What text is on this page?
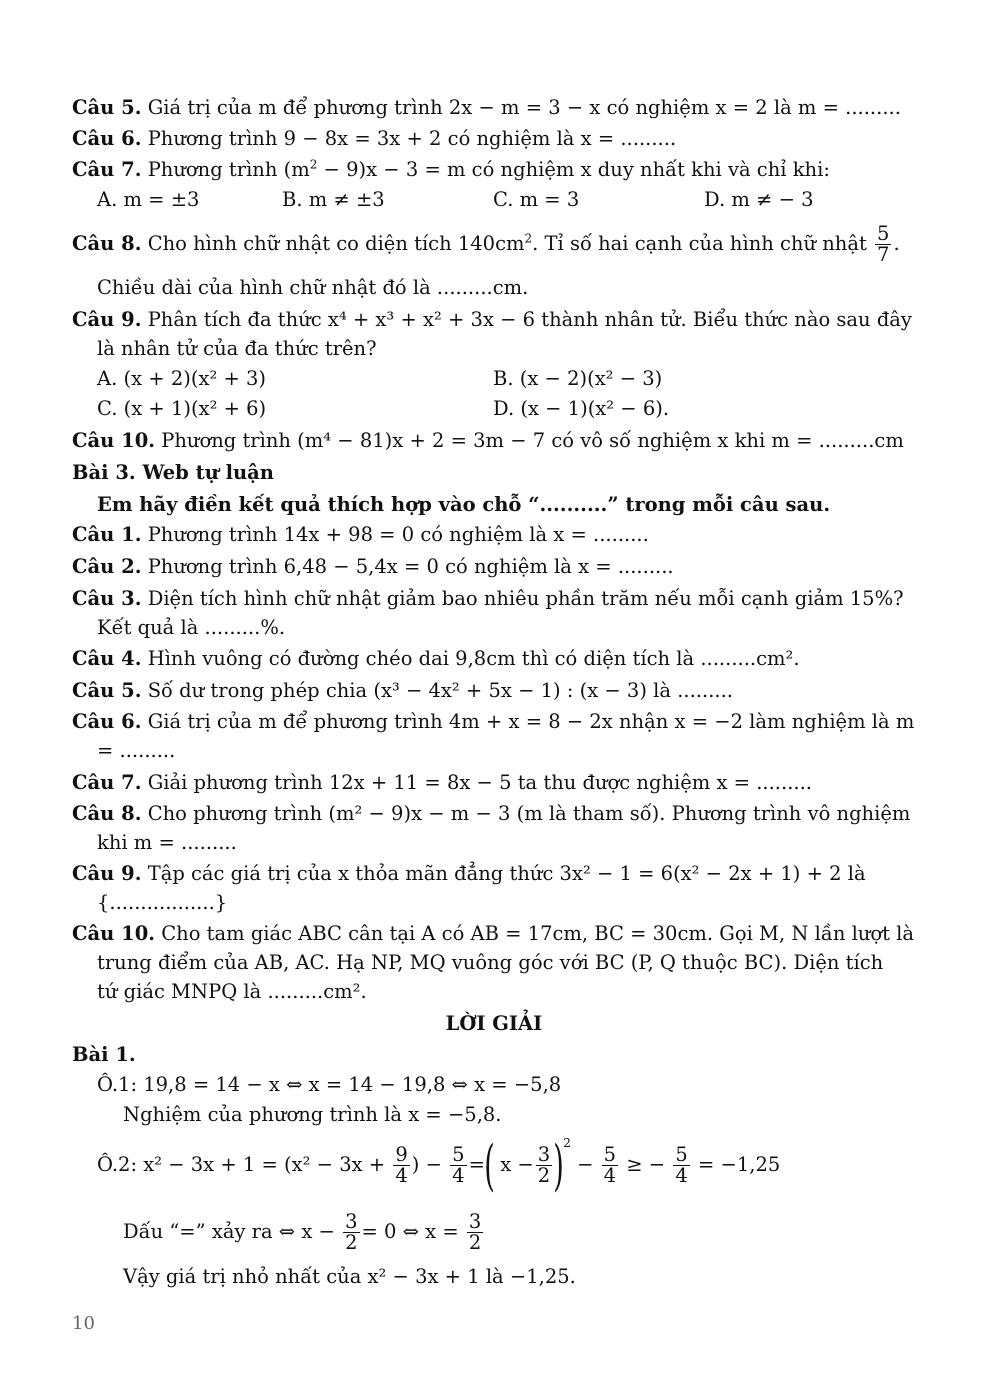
Câu 5. Giá trị của m để phương trình 2x − m = 3 − x có nghiệm x = 2 là m = .........
Câu 6. Phương trình 9 − 8x = 3x + 2 có nghiệm là x = .........
Câu 7. Phương trình $(m^2 - 9)x - 3 = m$ có nghiệm x duy nhất khi và chỉ khi:
A. m = ±3	B. m ≠ ±3	C. m = 3	D. m ≠ − 3
Câu 8. Cho hình chữ nhật co diện tích $140cm^2$. Tỉ số hai cạnh của hình chữ nhật $\frac{5}{7}$ .
Chiều dài của hình chữ nhật đó là .........cm.
Câu 9. Phân tích đa thức x⁴ + x³ + x² + 3x − 6 thành nhân tử. Biểu thức nào sau đây
là nhân tử của đa thức trên?
A. (x + 2)(x² + 3)	B. (x − 2)(x² − 3)
C. (x + 1)(x² + 6)	D. (x − 1)(x² − 6).
Câu 10. Phương trình (m⁴ − 81)x + 2 = 3m − 7 có vô số nghiệm x khi m = .........cm
Bài 3. Web tự luận
Em hãy điền kết quả thích hợp vào chỗ “..........” trong mỗi câu sau.
Câu 1. Phương trình 14x + 98 = 0 có nghiệm là x = .........
Câu 2. Phương trình 6,48 − 5,4x = 0 có nghiệm là x = .........
Câu 3. Diện tích hình chữ nhật giảm bao nhiêu phần trăm nếu mỗi cạnh giảm 15%?
Kết quả là .........%.
Câu 4. Hình vuông có đường chéo dai 9,8cm thì có diện tích là .........cm².
Câu 5. Số dư trong phép chia (x³ − 4x² + 5x − 1) : (x − 3) là .........
Câu 6. Giá trị của m để phương trình 4m + x = 8 − 2x nhận x = −2 làm nghiệm là m
= .........
Câu 7. Giải phương trình 12x + 11 = 8x − 5 ta thu được nghiệm x = .........
Câu 8. Cho phương trình (m² − 9)x − m − 3 (m là tham số). Phương trình vô nghiệm
khi m = .........
Câu 9. Tập các giá trị của x thỏa mãn đẳng thức 3x² − 1 = 6(x² − 2x + 1) + 2 là
{.................}
Câu 10. Cho tam giác ABC cân tại A có AB = 17cm, BC = 30cm. Gọi M, N lần lượt là
trung điểm của AB, AC. Hạ NP, MQ vuông góc với BC (P, Q thuộc BC). Diện tích
tứ giác MNPQ là .........cm².
LỜI GIẢI
Bài 1.
Ô.1: 19,8 = 14 − x ⇔ x = 14 − 19,8 ⇔ x = −5,8
Nghiệm của phương trình là x = −5,8.
Ô.2: $x^2 - 3x + 1 = (x^2 - 3x + \frac{9}{4}$ ) − $\frac{5}{4}$ =( $x - \frac{3}{2} )^2 - \frac{5}{4}$ ≥ − $\frac{5}{4} = -1,25$
Dấu “=” xảy ra ⇔ $x - \frac{3}{2} = 0$ ⇔ $x = \frac{3}{2}$
Vậy giá trị nhỏ nhất của x² − 3x + 1 là −1,25.
10
